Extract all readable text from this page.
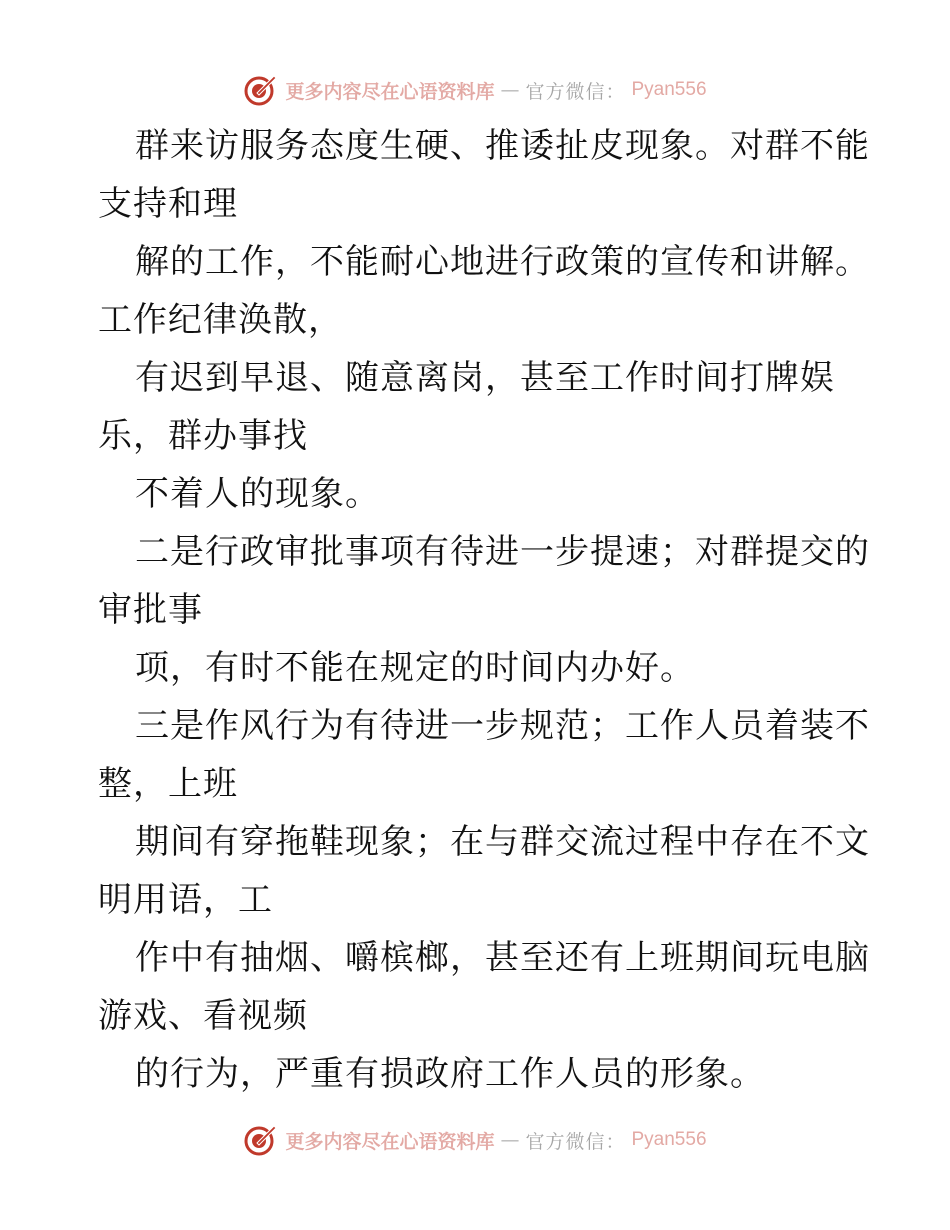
更多内容尽在心语资料库 — 官方微信： Pyan556
群来访服务态度生硬、推诿扯皮现象。对群不能
支持和理
解的工作，不能耐心地进行政策的宣传和讲解。
工作纪律涣散，
有迟到早退、随意离岗，甚至工作时间打牌娱
乐，群办事找
不着人的现象。
二是行政审批事项有待进一步提速；对群提交的
审批事
项，有时不能在规定的时间内办好。
三是作风行为有待进一步规范；工作人员着装不
整，上班
期间有穿拖鞋现象；在与群交流过程中存在不文
明用语，工
作中有抽烟、嚼槟榔，甚至还有上班期间玩电脑
游戏、看视频
的行为，严重有损政府工作人员的形象。
更多内容尽在心语资料库 — 官方微信： Pyan556
